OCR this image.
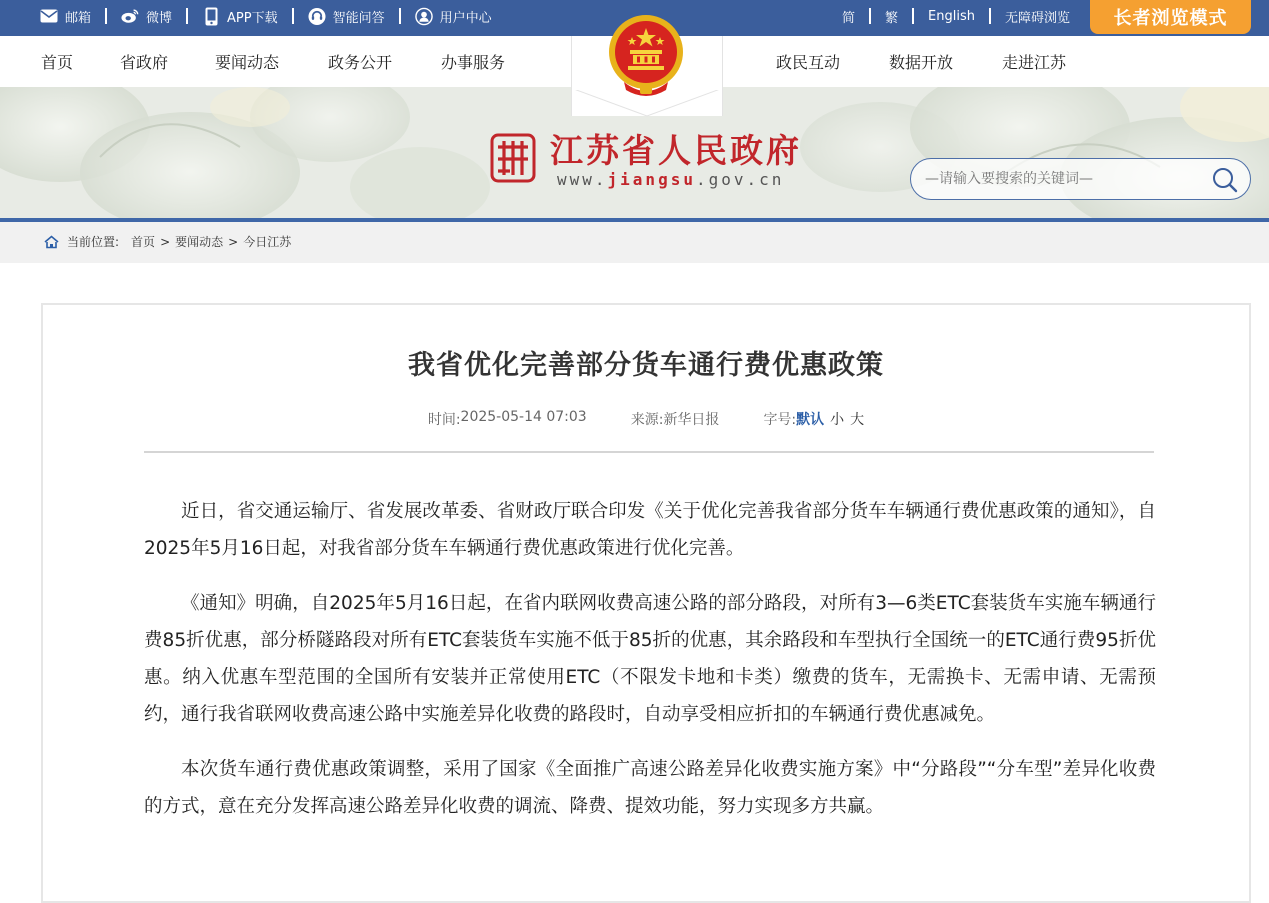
邮箱	微博	APP下载	智能问答	用户中心	简 繁 English 无障碍浏览	长者浏览模式
首页	省政府	要闻动态	政务公开	办事服务	政民互动	数据开放	走进江苏
江苏省人民政府
www.jiangsu.gov.cn
—请输入要搜索的关键词—
当前位置: 首页 > 要闻动态 > 今日江苏
我省优化完善部分货车通行费优惠政策
时间: 2025-05-14 07:03	来源: 新华日报	字号: 默认 小 大

近日，省交通运输厅、省发展改革委、省财政厅联合印发《关于优化完善我省部分货车车辆通行费优惠政策的通知》，自2025年5月16日起，对我省部分货车车辆通行费优惠政策进行优化完善。

《通知》明确，自2025年5月16日起，在省内联网收费高速公路的部分路段，对所有3—6类ETC套装货车实施车辆通行费85折优惠，部分桥隧路段对所有ETC套装货车实施不低于85折的优惠，其余路段和车型执行全国统一的ETC通行费95折优惠。纳入优惠车型范围的全国所有安装并正常使用ETC（不限发卡地和卡类）缴费的货车，无需换卡、无需申请、无需预约，通行我省联网收费高速公路中实施差异化收费的路段时，自动享受相应折扣的车辆通行费优惠减免。

本次货车通行费优惠政策调整，采用了国家《全面推广高速公路差异化收费实施方案》中“分路段”“分车型”差异化收费的方式，意在充分发挥高速公路差异化收费的调流、降费、提效功能，努力实现多方共赢。
